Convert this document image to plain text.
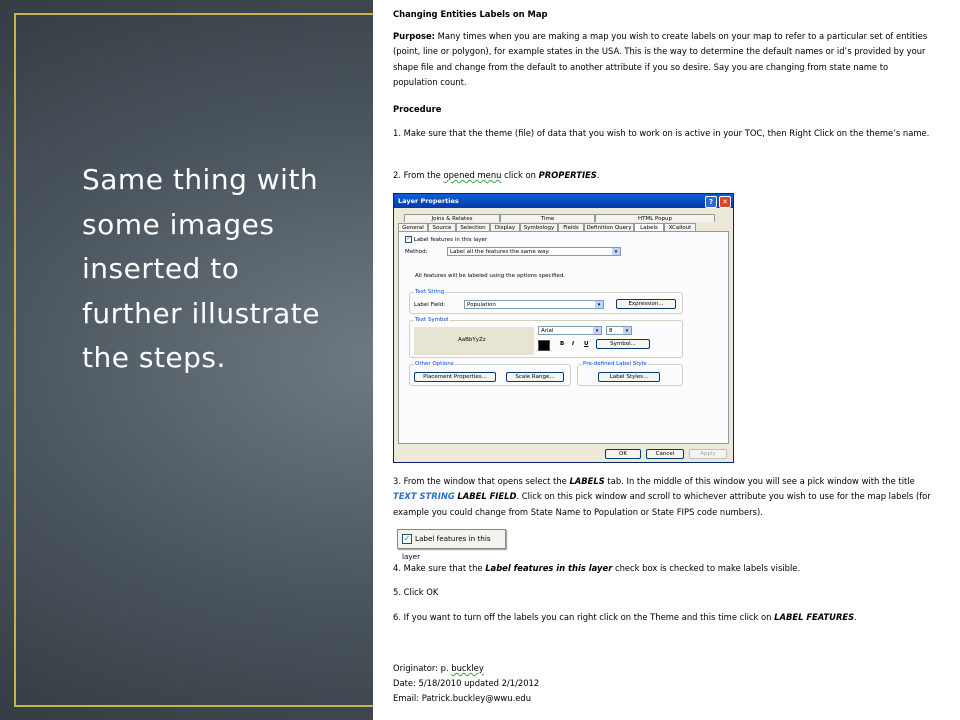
Same thing with some images inserted to further illustrate the steps.

Changing Entities Labels on Map

Purpose: Many times when you are making a map you wish to create labels on your map to refer to a particular set of entities (point, line or polygon), for example states in the USA. This is the way to determine the default names or id’s provided by your shape file and change from the default to another attribute if you so desire. Say you are changing from state name to population count.

Procedure

1. Make sure that the theme (file) of data that you wish to work on is active in your TOC, then Right Click on the theme’s name.

2. From the opened menu click on PROPERTIES.

Layer Properties	?	✕
Joins & Relates	Time	HTML Popup
General	Source	Selection	Display	Symbology	Fields	Definition Query	Labels	XCallout
✓ Label features in this layer
Method:	Label all the features the same way.	▾
All features will be labeled using the options specified.
Text String
Label Field:	Population	▾	Expression...
Text Symbol
AaBbYyZz
Arial	▾	8	▾
B I U	Symbol...
Other Options
Placement Properties...	Scale Range...
Pre-defined Label Style
Label Styles...
OK	Cancel	Apply

3. From the window that opens select the LABELS tab. In the middle of this window you will see a pick window with the title TEXT STRING LABEL FIELD. Click on this pick window and scroll to whichever attribute you wish to use for the map labels (for example you could change from State Name to Population or State FIPS code numbers).

✓ Label features in this layer

4. Make sure that the Label features in this layer check box is checked to make labels visible.

5. Click OK

6. If you want to turn off the labels you can right click on the Theme and this time click on LABEL FEATURES.

Originator: p. buckley

Date: 5/18/2010 updated 2/1/2012

Email: Patrick.buckley@wwu.edu
